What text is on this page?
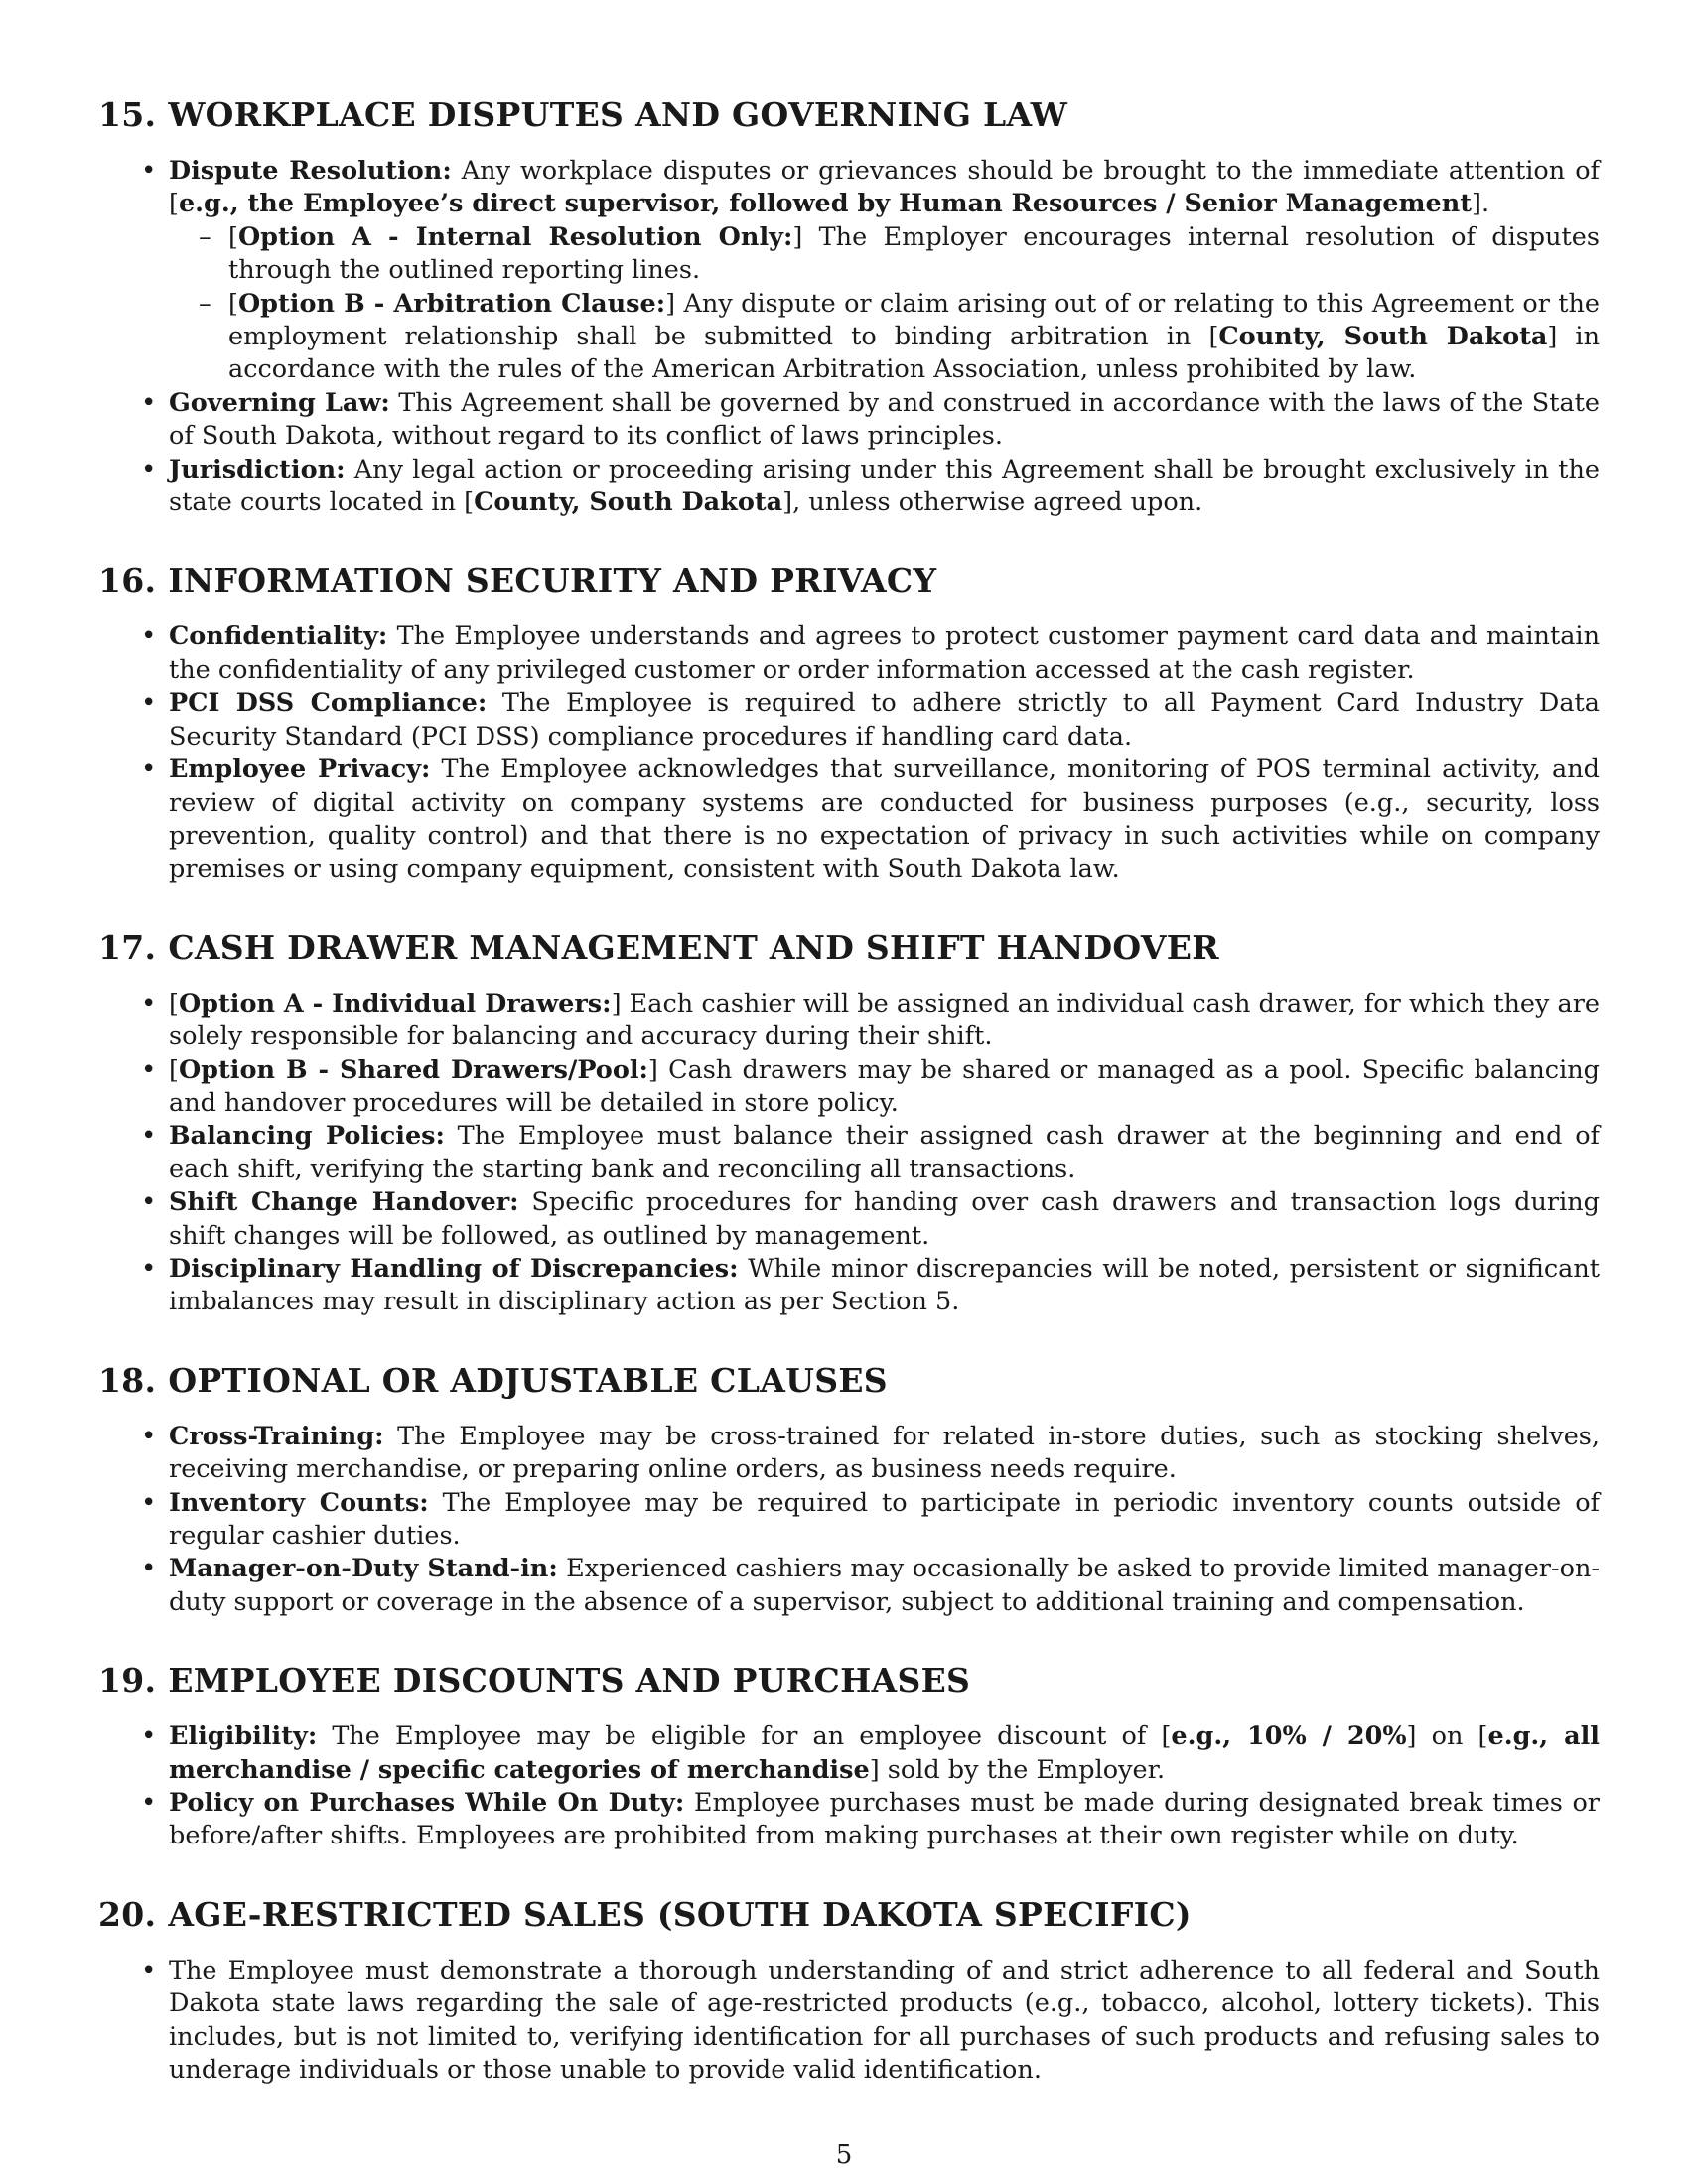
15. WORKPLACE DISPUTES AND GOVERNING LAW
• Dispute Resolution: Any workplace disputes or grievances should be brought to the immediate attention of [e.g., the Employee’s direct supervisor, followed by Human Resources / Senior Management].
– [Option A - Internal Resolution Only:] The Employer encourages internal resolution of disputes through the outlined reporting lines.
– [Option B - Arbitration Clause:] Any dispute or claim arising out of or relating to this Agreement or the employment relationship shall be submitted to binding arbitration in [County, South Dakota] in accordance with the rules of the American Arbitration Association, unless prohibited by law.
• Governing Law: This Agreement shall be governed by and construed in accordance with the laws of the State of South Dakota, without regard to its conflict of laws principles.
• Jurisdiction: Any legal action or proceeding arising under this Agreement shall be brought exclusively in the state courts located in [County, South Dakota], unless otherwise agreed upon.
16. INFORMATION SECURITY AND PRIVACY
• Confidentiality: The Employee understands and agrees to protect customer payment card data and maintain the confidentiality of any privileged customer or order information accessed at the cash register.
• PCI DSS Compliance: The Employee is required to adhere strictly to all Payment Card Industry Data Security Standard (PCI DSS) compliance procedures if handling card data.
• Employee Privacy: The Employee acknowledges that surveillance, monitoring of POS terminal activity, and review of digital activity on company systems are conducted for business purposes (e.g., security, loss prevention, quality control) and that there is no expectation of privacy in such activities while on company premises or using company equipment, consistent with South Dakota law.
17. CASH DRAWER MANAGEMENT AND SHIFT HANDOVER
• [Option A - Individual Drawers:] Each cashier will be assigned an individual cash drawer, for which they are solely responsible for balancing and accuracy during their shift.
• [Option B - Shared Drawers/Pool:] Cash drawers may be shared or managed as a pool. Specific balancing and handover procedures will be detailed in store policy.
• Balancing Policies: The Employee must balance their assigned cash drawer at the beginning and end of each shift, verifying the starting bank and reconciling all transactions.
• Shift Change Handover: Specific procedures for handing over cash drawers and transaction logs during shift changes will be followed, as outlined by management.
• Disciplinary Handling of Discrepancies: While minor discrepancies will be noted, persistent or significant imbalances may result in disciplinary action as per Section 5.
18. OPTIONAL OR ADJUSTABLE CLAUSES
• Cross-Training: The Employee may be cross-trained for related in-store duties, such as stocking shelves, receiving merchandise, or preparing online orders, as business needs require.
• Inventory Counts: The Employee may be required to participate in periodic inventory counts outside of regular cashier duties.
• Manager-on-Duty Stand-in: Experienced cashiers may occasionally be asked to provide limited manager-on-duty support or coverage in the absence of a supervisor, subject to additional training and compensation.
19. EMPLOYEE DISCOUNTS AND PURCHASES
• Eligibility: The Employee may be eligible for an employee discount of [e.g., 10% / 20%] on [e.g., all merchandise / specific categories of merchandise] sold by the Employer.
• Policy on Purchases While On Duty: Employee purchases must be made during designated break times or before/after shifts. Employees are prohibited from making purchases at their own register while on duty.
20. AGE-RESTRICTED SALES (SOUTH DAKOTA SPECIFIC)
• The Employee must demonstrate a thorough understanding of and strict adherence to all federal and South Dakota state laws regarding the sale of age-restricted products (e.g., tobacco, alcohol, lottery tickets). This includes, but is not limited to, verifying identification for all purchases of such products and refusing sales to underage individuals or those unable to provide valid identification.
5
